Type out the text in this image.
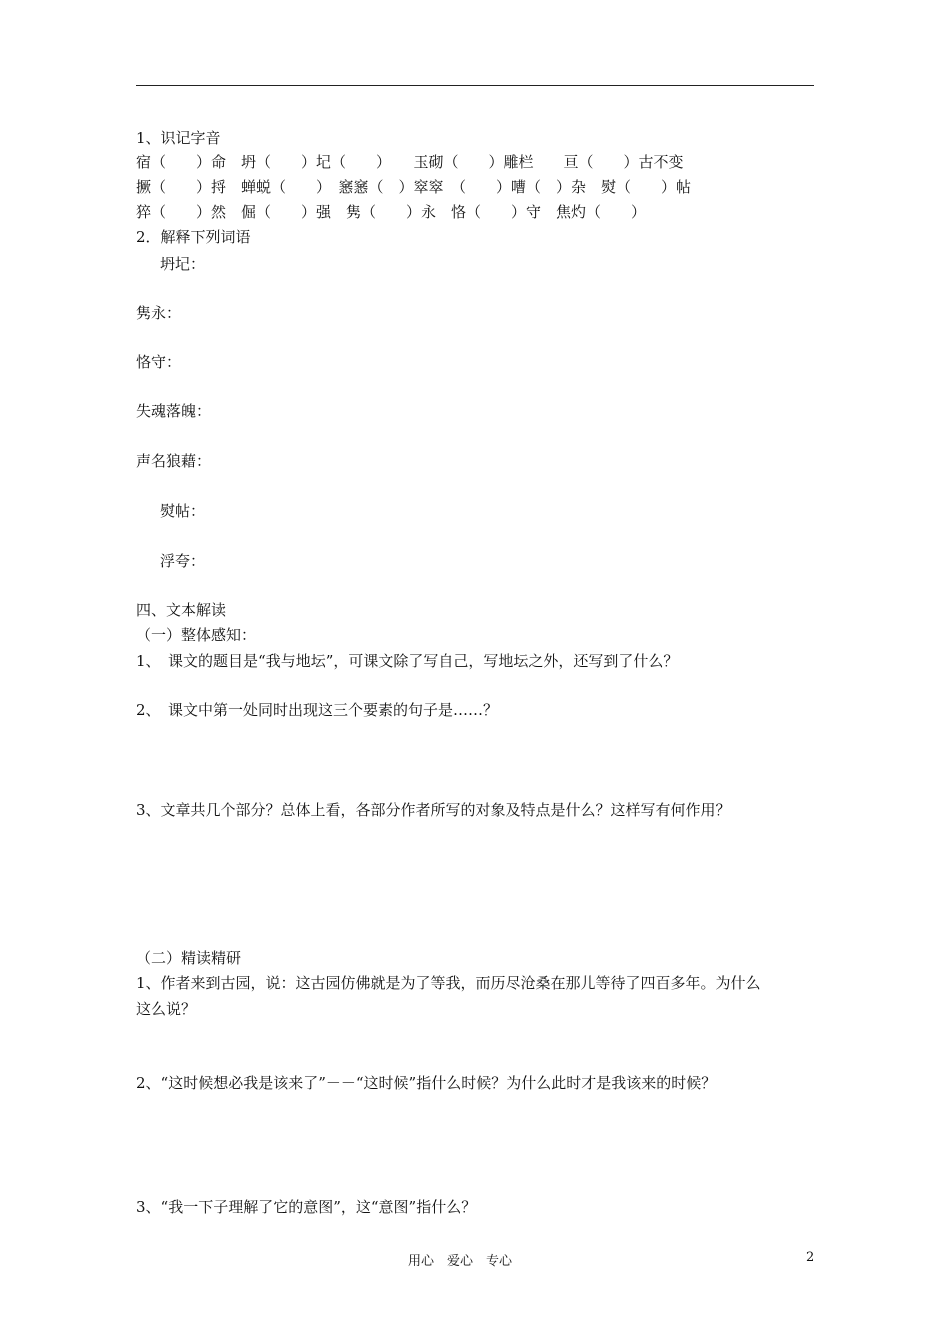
1、识记字音
宿（　　）命　坍（　　）圮（　　）　　玉砌（　　）雕栏　　亘（　　）古不变
撅（　　）捋　蝉蜕（　　）　窸窸（　）窣窣　（　　）嘈（　）杂　熨（　　）帖
猝（　　）然　倔（　　）强　隽（　　）永　恪（　　）守　焦灼（　　）
2．解释下列词语
坍圮：
隽永：
恪守：
失魂落魄：
声名狼藉：
熨帖：
浮夸：
四、文本解读
（一）整体感知：
1、　课文的题目是“我与地坛”，可课文除了写自己，写地坛之外，还写到了什么？
2、　课文中第一处同时出现这三个要素的句子是……？
3、文章共几个部分？总体上看，各部分作者所写的对象及特点是什么？这样写有何作用？
（二）精读精研
1、作者来到古园，说：这古园仿佛就是为了等我，而历尽沧桑在那儿等待了四百多年。为什么
这么说？
2、“这时候想必我是该来了”－－“这时候”指什么时候？为什么此时才是我该来的时候？
3、“我一下子理解了它的意图”，这“意图”指什么？
用心　爱心　专心	2
